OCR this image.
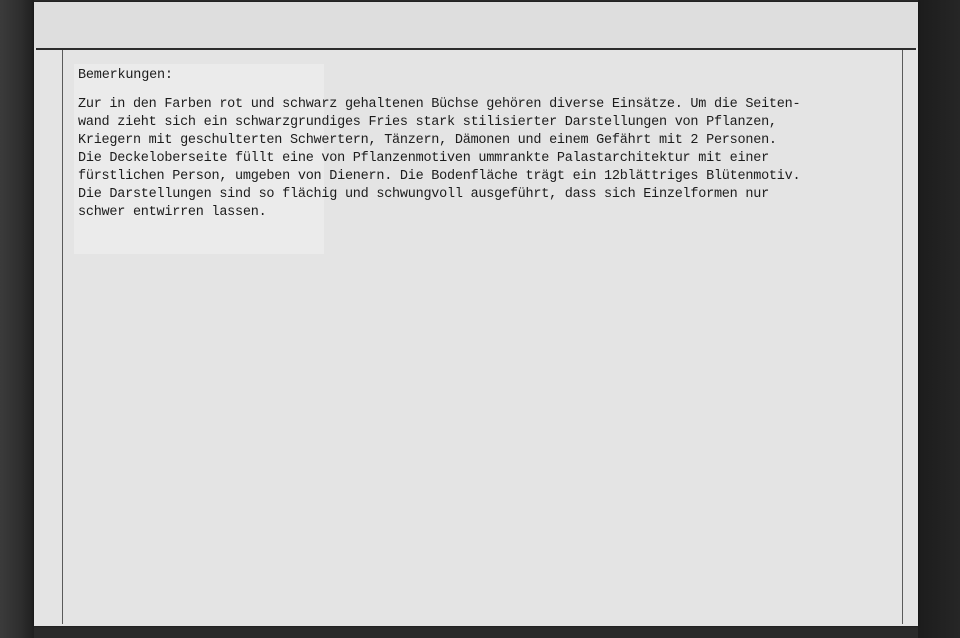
Bemerkungen:
Zur in den Farben rot und schwarz gehaltenen Büchse gehören diverse Einsätze. Um die Seiten-
wand zieht sich ein schwarzgrundiges Fries stark stilisierter Darstellungen von Pflanzen,
Kriegern mit geschulterten Schwertern, Tänzern, Dämonen und einem Gefährt mit 2 Personen.
Die Deckeloberseite füllt eine von Pflanzenmotiven ummrankte Palastarchitektur mit einer
fürstlichen Person, umgeben von Dienern. Die Bodenfläche trägt ein 12blättriges Blütenmotiv.
Die Darstellungen sind so flächig und schwungvoll ausgeführt, dass sich Einzelformen nur
schwer entwirren lassen.
